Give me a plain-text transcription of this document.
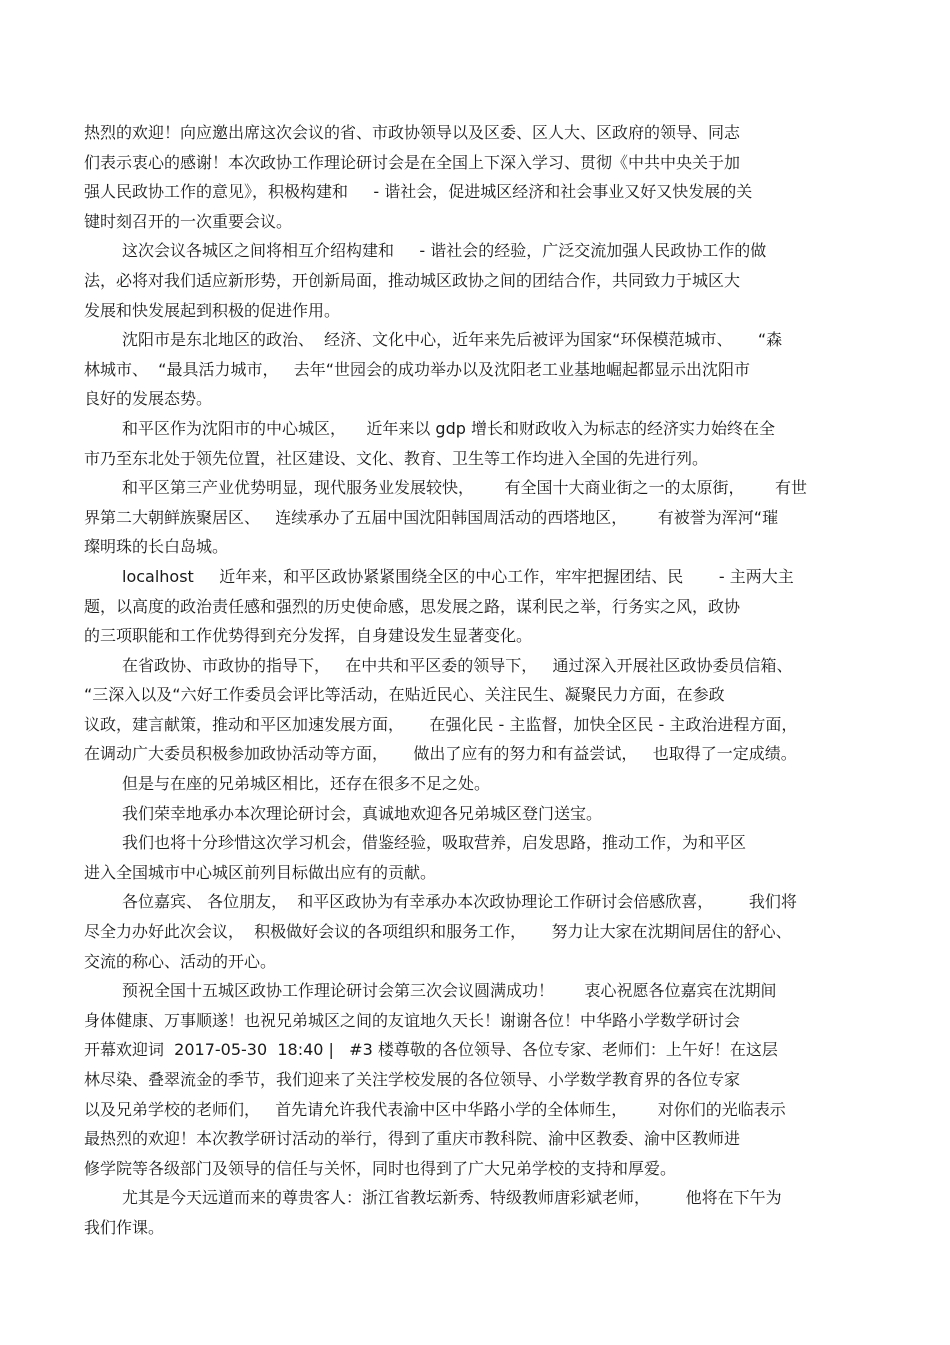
热烈的欢迎！向应邀出席这次会议的省、市政协领导以及区委、区人大、区政府的领导、同志
们表示衷心的感谢！本次政协工作理论研讨会是在全国上下深入学习、贯彻《中共中央关于加
强人民政协工作的意见》，积极构建和     - 谐社会，促进城区经济和社会事业又好又快发展的关
键时刻召开的一次重要会议。
这次会议各城区之间将相互介绍构建和     - 谐社会的经验，广泛交流加强人民政协工作的做
法，必将对我们适应新形势，开创新局面，推动城区政协之间的团结合作，共同致力于城区大
发展和快发展起到积极的促进作用。
沈阳市是东北地区的政治、  经济、文化中心，近年来先后被评为国家“环保模范城市、     “森
林城市、  “最具活力城市，   去年“世园会的成功举办以及沈阳老工业基地崛起都显示出沈阳市
良好的发展态势。
和平区作为沈阳市的中心城区，    近年来以 gdp 增长和财政收入为标志的经济实力始终在全
市乃至东北处于领先位置，社区建设、文化、教育、卫生等工作均进入全国的先进行列。
和平区第三产业优势明显，现代服务业发展较快，      有全国十大商业街之一的太原街，      有世
界第二大朝鲜族聚居区、   连续承办了五届中国沈阳韩国周活动的西塔地区，      有被誉为浑河“璀
璨明珠的长白岛城。
localhost     近年来，和平区政协紧紧围绕全区的中心工作，牢牢把握团结、民       - 主两大主
题，以高度的政治责任感和强烈的历史使命感，思发展之路，谋利民之举，行务实之风，政协
的三项职能和工作优势得到充分发挥，自身建设发生显著变化。
在省政协、市政协的指导下，   在中共和平区委的领导下，   通过深入开展社区政协委员信箱、
“三深入以及“六好工作委员会评比等活动，在贴近民心、关注民生、凝聚民力方面，在参政
议政，建言献策，推动和平区加速发展方面，     在强化民 - 主监督，加快全区民 - 主政治进程方面，
在调动广大委员积极参加政协活动等方面，     做出了应有的努力和有益尝试，   也取得了一定成绩。
但是与在座的兄弟城区相比，还存在很多不足之处。
我们荣幸地承办本次理论研讨会，真诚地欢迎各兄弟城区登门送宝。
我们也将十分珍惜这次学习机会，借鉴经验，吸取营养，启发思路，推动工作，为和平区
进入全国城市中心城区前列目标做出应有的贡献。
各位嘉宾、 各位朋友，  和平区政协为有幸承办本次政协理论工作研讨会倍感欣喜，       我们将
尽全力办好此次会议，  积极做好会议的各项组织和服务工作，     努力让大家在沈期间居住的舒心、
交流的称心、活动的开心。
预祝全国十五城区政协工作理论研讨会第三次会议圆满成功！      衷心祝愿各位嘉宾在沈期间
身体健康、万事顺遂！也祝兄弟城区之间的友谊地久天长！谢谢各位！中华路小学数学研讨会
开幕欢迎词  2017-05-30  18:40 |   #3 楼尊敬的各位领导、各位专家、老师们：上午好！在这层
林尽染、叠翠流金的季节，我们迎来了关注学校发展的各位领导、小学数学教育界的各位专家
以及兄弟学校的老师们，   首先请允许我代表渝中区中华路小学的全体师生，      对你们的光临表示
最热烈的欢迎！本次教学研讨活动的举行，得到了重庆市教科院、渝中区教委、渝中区教师进
修学院等各级部门及领导的信任与关怀，同时也得到了广大兄弟学校的支持和厚爱。
尤其是今天远道而来的尊贵客人：浙江省教坛新秀、特级教师唐彩斌老师，       他将在下午为
我们作课。
